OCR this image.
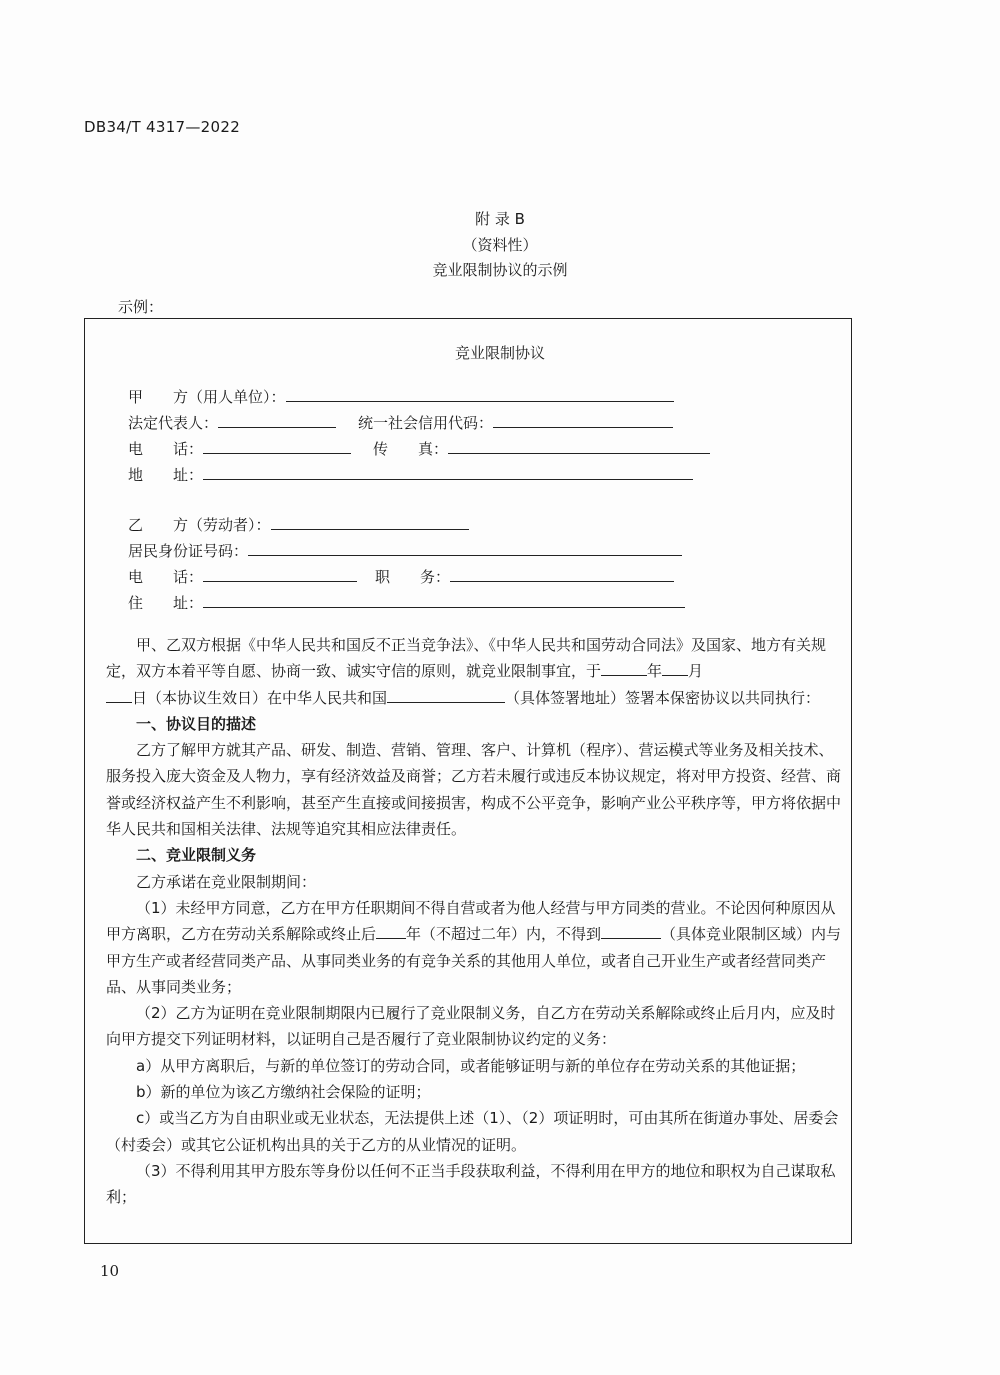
DB34/T 4317—2022
附 录 B
（资料性）
竞业限制协议的示例
示例：
竞业限制协议
甲　　方（用人单位）：
法定代表人：	统一社会信用代码：
电　　话：	传　　真：
地　　址：
乙　　方（劳动者）：
居民身份证号码：
电　　话：	职　　务：
住　　址：

甲、乙双方根据《中华人民共和国反不正当竞争法》、《中华人民共和国劳动合同法》及国家、地方有关规定，双方本着平等自愿、协商一致、诚实守信的原则，就竞业限制事宜，于	年 月
日（本协议生效日）在中华人民共和国	（具体签署地址）签署本保密协议以共同执行：

一、协议目的描述

乙方了解甲方就其产品、研发、制造、营销、管理、客户、计算机（程序）、营运模式等业务及相关技术、服务投入庞大资金及人物力，享有经济效益及商誉；乙方若未履行或违反本协议规定，将对甲方投资、经营、商誉或经济权益产生不利影响，甚至产生直接或间接损害，构成不公平竞争，影响产业公平秩序等，甲方将依据中华人民共和国相关法律、法规等追究其相应法律责任。

二、竞业限制义务

乙方承诺在竞业限制期间：

（1）未经甲方同意，乙方在甲方任职期间不得自营或者为他人经营与甲方同类的营业。不论因何种原因从甲方离职，乙方在劳动关系解除或终止后 年（不超过二年）内，不得到	（具体竞业限制区域）内与甲方生产或者经营同类产品、从事同类业务的有竞争关系的其他用人单位，或者自己开业生产或者经营同类产品、从事同类业务；

（2）乙方为证明在竞业限制期限内已履行了竞业限制义务，自乙方在劳动关系解除或终止后月内，应及时向甲方提交下列证明材料，以证明自己是否履行了竞业限制协议约定的义务：

a）从甲方离职后，与新的单位签订的劳动合同，或者能够证明与新的单位存在劳动关系的其他证据；

b）新的单位为该乙方缴纳社会保险的证明；

c）或当乙方为自由职业或无业状态，无法提供上述（1）、（2）项证明时，可由其所在街道办事处、居委会（村委会）或其它公证机构出具的关于乙方的从业情况的证明。

（3）不得利用其甲方股东等身份以任何不正当手段获取利益，不得利用在甲方的地位和职权为自己谋取私利；

10
